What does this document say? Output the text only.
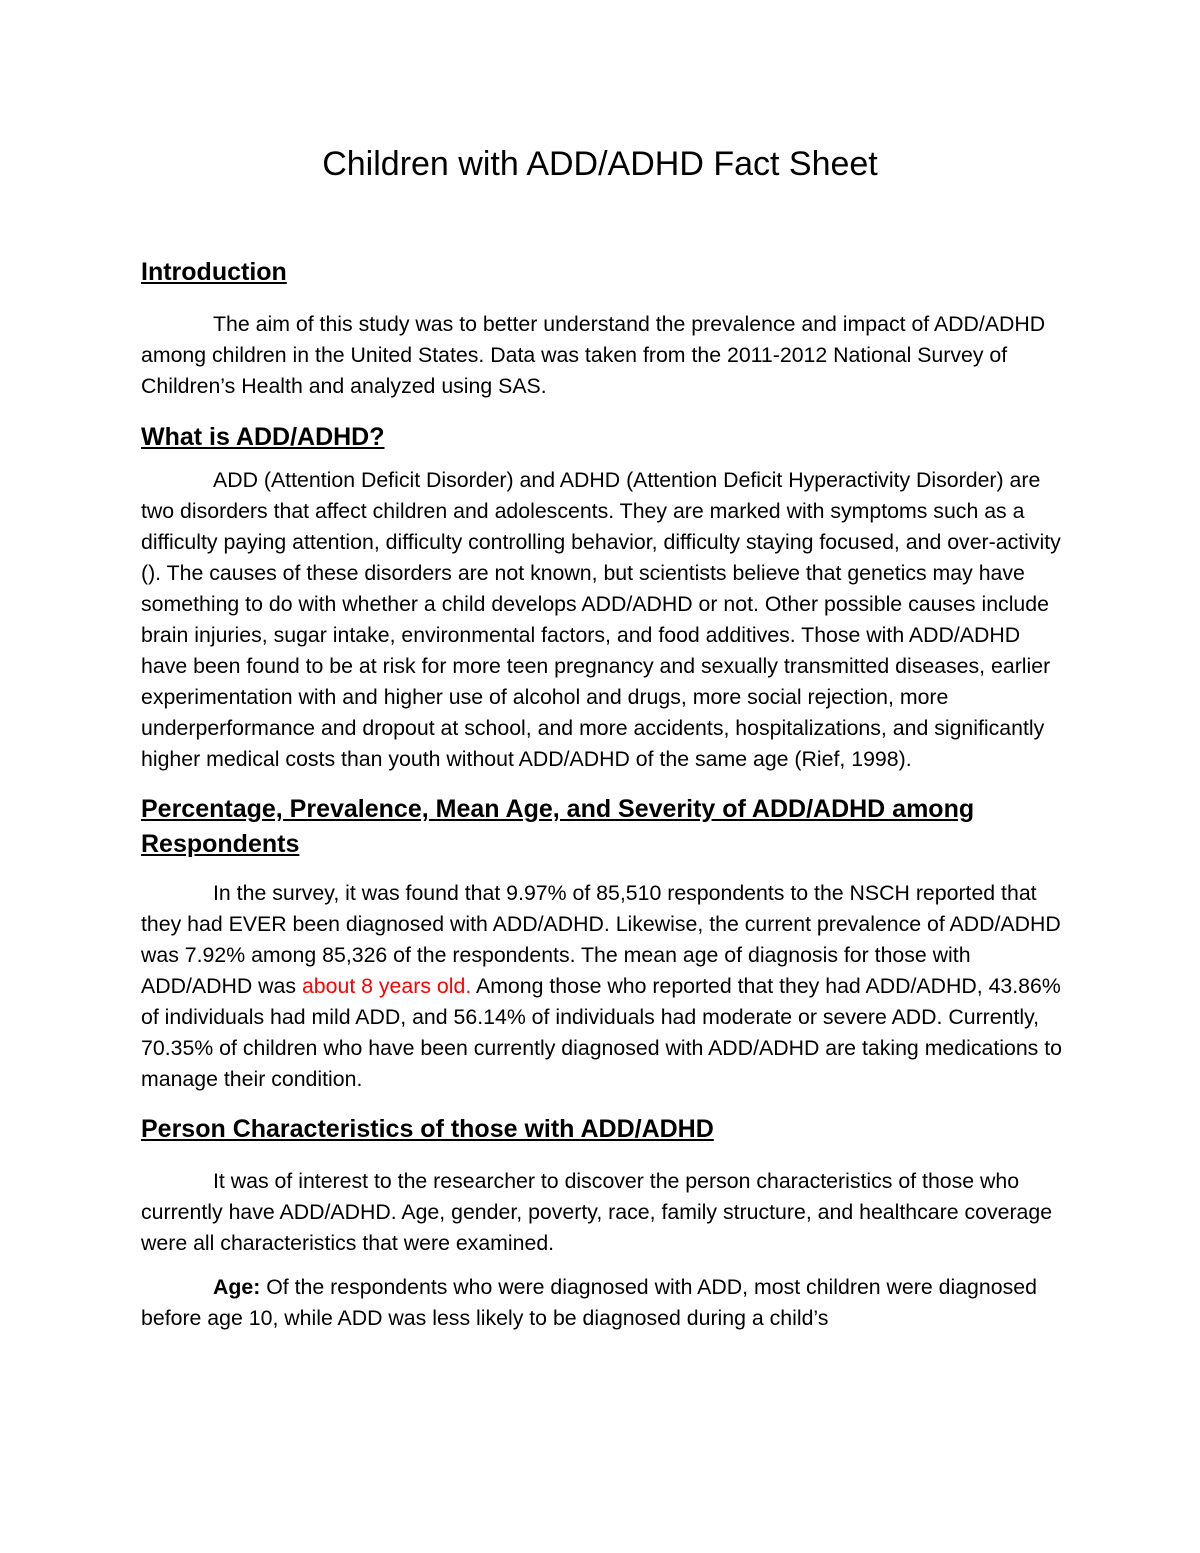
Children with ADD/ADHD Fact Sheet
Introduction

The aim of this study was to better understand the prevalence and impact of ADD/ADHD among children in the United States. Data was taken from the 2011-2012 National Survey of Children’s Health and analyzed using SAS.

What is ADD/ADHD?

ADD (Attention Deficit Disorder) and ADHD (Attention Deficit Hyperactivity Disorder) are two disorders that affect children and adolescents. They are marked with symptoms such as a difficulty paying attention, difficulty controlling behavior, difficulty staying focused, and over-activity (). The causes of these disorders are not known, but scientists believe that genetics may have something to do with whether a child develops ADD/ADHD or not. Other possible causes include brain injuries, sugar intake, environmental factors, and food additives. Those with ADD/ADHD have been found to be at risk for more teen pregnancy and sexually transmitted diseases, earlier experimentation with and higher use of alcohol and drugs, more social rejection, more underperformance and dropout at school, and more accidents, hospitalizations, and significantly higher medical costs than youth without ADD/ADHD of the same age (Rief, 1998).

Percentage, Prevalence, Mean Age, and Severity of ADD/ADHD among Respondents

In the survey, it was found that 9.97% of 85,510 respondents to the NSCH reported that they had EVER been diagnosed with ADD/ADHD. Likewise, the current prevalence of ADD/ADHD was 7.92% among 85,326 of the respondents. The mean age of diagnosis for those with ADD/ADHD was about 8 years old. Among those who reported that they had ADD/ADHD, 43.86% of individuals had mild ADD, and 56.14% of individuals had moderate or severe ADD. Currently, 70.35% of children who have been currently diagnosed with ADD/ADHD are taking medications to manage their condition.

Person Characteristics of those with ADD/ADHD

It was of interest to the researcher to discover the person characteristics of those who currently have ADD/ADHD. Age, gender, poverty, race, family structure, and healthcare coverage were all characteristics that were examined.

Age: Of the respondents who were diagnosed with ADD, most children were diagnosed before age 10, while ADD was less likely to be diagnosed during a child’s
